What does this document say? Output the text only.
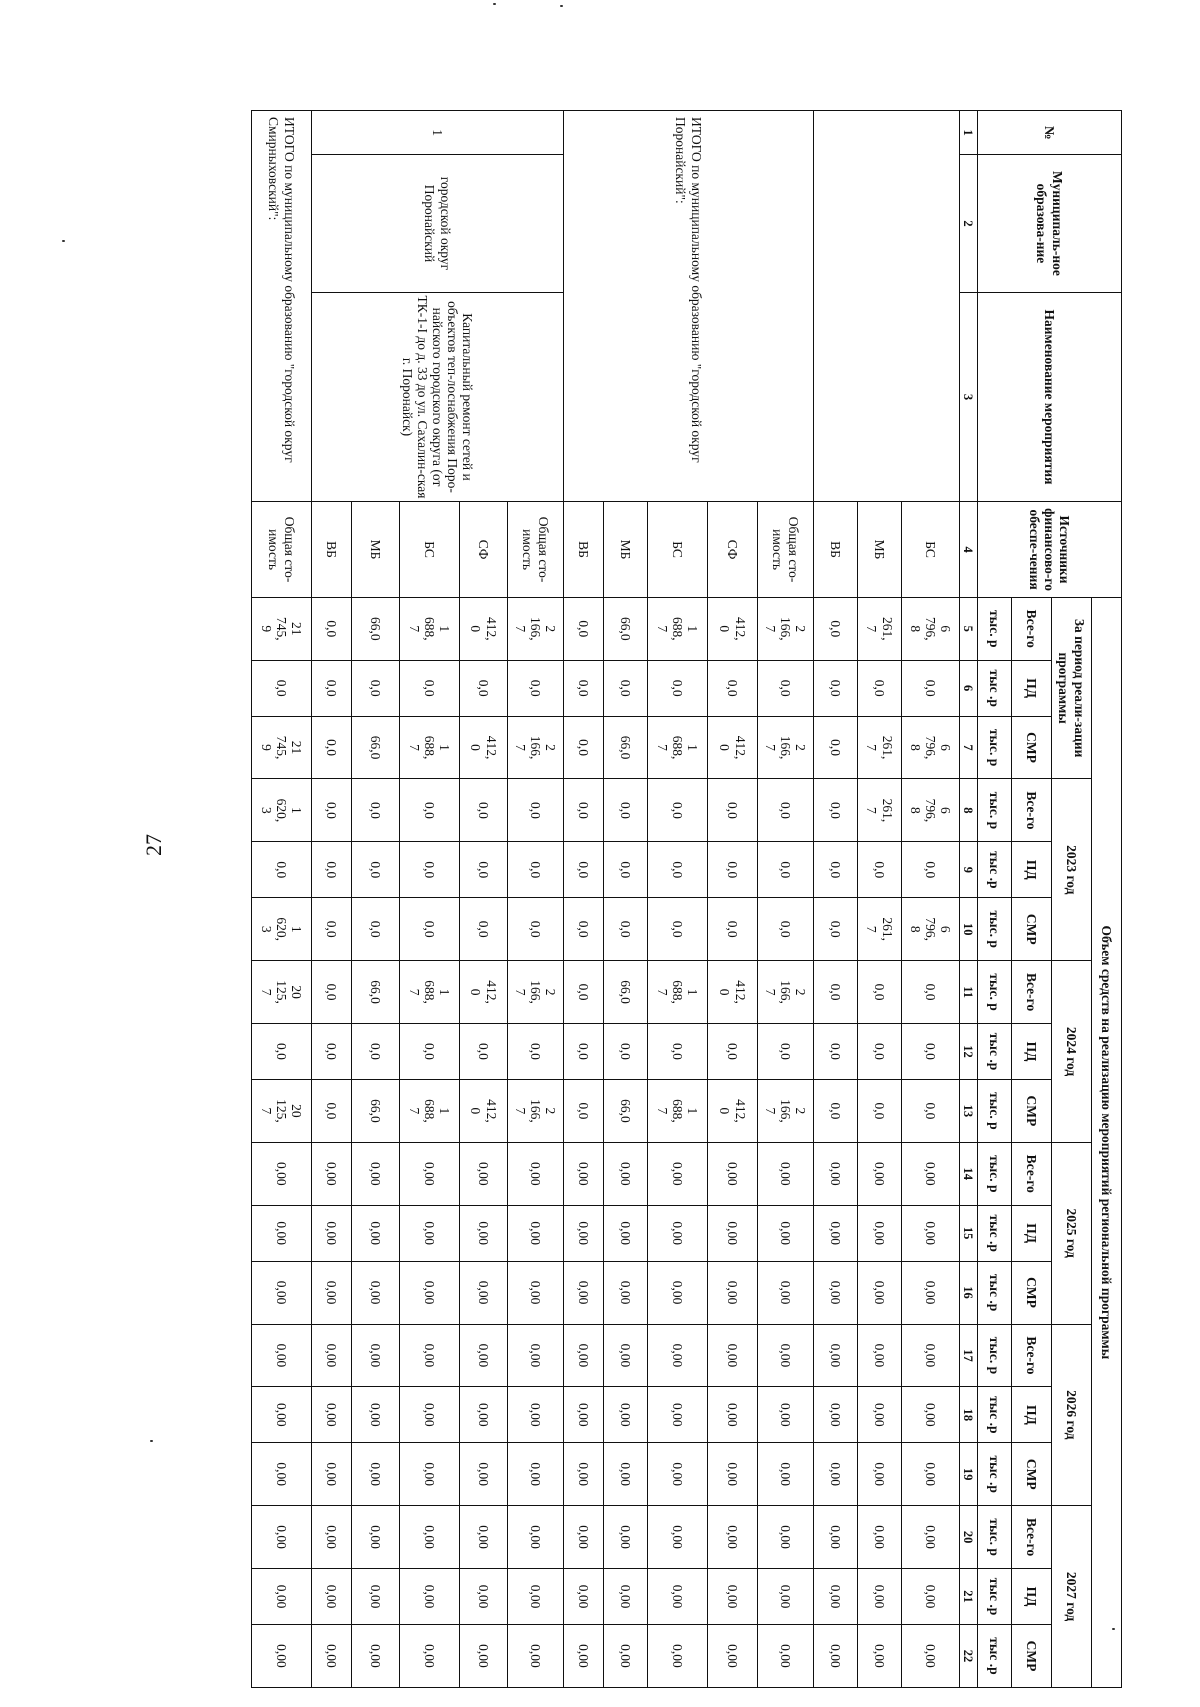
27
№	Муниципаль-ное образова-ние	Наименование мероприятия	Источники финансово-го обеспе-чения	Объем средств на реализацию мероприятий региональной программы																	
				За период реали-зации программы			2023 год			2024 год			2025 год			2026 год			2027 год		
				Все-го	ПД	СМР	Все-го	ПД	СМР	Все-го	ПД	СМР	Все-го	ПД	СМР	Все-го	ПД	СМР	Все-го	ПД	СМР
				тыс. р	тыс .р	тыс. р	тыс. р	тыс .р	тыс. р	тыс. р	тыс .р	тыс. р	тыс. р	тыс .р	тыс .р	тыс. р	тыс .р	тыс .р	тыс. р	тыс .р	тыс .р
1	2	3	4	5	6	7	8	9	10	11	12	13	14	15	16	17	18	19	20	21	22
			БС	6
796,
8	0,0	6
796,
8	6
796,
8	0,0	6
796,
8	0,0	0,0	0,0	0,00	0,00	0,00	0,00	0,00	0,00	0,00	0,00	0,00
			МБ	261,
7	0,0	261,
7	261,
7	0,0	261,
7	0,0	0,0	0,0	0,00	0,00	0,00	0,00	0,00	0,00	0,00	0,00	0,00
			ВБ	0,0	0,0	0,0	0,0	0,0	0,0	0,0	0,0	0,0	0,00	0,00	0,00	0,00	0,00	0,00	0,00	0,00	0,00
ИТОГО по муниципальному образованию "городской округ Поронайский":			Общая сто-имость	2
166,
7	0,0	2
166,
7	0,0	0,0	0,0	2
166,
7	0,0	2
166,
7	0,00	0,00	0,00	0,00	0,00	0,00	0,00	0,00	0,00
			СФ	412,
0	0,0	412,
0	0,0	0,0	0,0	412,
0	0,0	412,
0	0,00	0,00	0,00	0,00	0,00	0,00	0,00	0,00	0,00
			БС	1
688,
7	0,0	1
688,
7	0,0	0,0	0,0	1
688,
7	0,0	1
688,
7	0,00	0,00	0,00	0,00	0,00	0,00	0,00	0,00	0,00
			МБ	66,0	0,0	66,0	0,0	0,0	0,0	66,0	0,0	66,0	0,00	0,00	0,00	0,00	0,00	0,00	0,00	0,00	0,00
			ВБ	0,0	0,0	0,0	0,0	0,0	0,0	0,0	0,0	0,0	0,00	0,00	0,00	0,00	0,00	0,00	0,00	0,00	0,00
1	городской округ Поронайский	Капитальный ремонт сетей и объектов теп-лоснабжения Поро-найского городского округа (от ТК-1-I до д. 33 до ул. Сахалин-ская г. Поронайск)	Общая сто-имость	2
166,
7	0,0	2
166,
7	0,0	0,0	0,0	2
166,
7	0,0	2
166,
7	0,00	0,00	0,00	0,00	0,00	0,00	0,00	0,00	0,00
			СФ	412,
0	0,0	412,
0	0,0	0,0	0,0	412,
0	0,0	412,
0	0,00	0,00	0,00	0,00	0,00	0,00	0,00	0,00	0,00
			БС	1
688,
7	0,0	1
688,
7	0,0	0,0	0,0	1
688,
7	0,0	1
688,
7	0,00	0,00	0,00	0,00	0,00	0,00	0,00	0,00	0,00
			МБ	66,0	0,0	66,0	0,0	0,0	0,0	66,0	0,0	66,0	0,00	0,00	0,00	0,00	0,00	0,00	0,00	0,00	0,00
			ВБ	0,0	0,0	0,0	0,0	0,0	0,0	0,0	0,0	0,0	0,00	0,00	0,00	0,00	0,00	0,00	0,00	0,00	0,00
ИТОГО по муниципальному образованию "городской округ Смирныховский":			Общая сто-имость	21
745,
9	0,0	21
745,
9	1
620,
3	0,0	1
620,
3	20
125,
7	0,0	20
125,
7	0,00	0,00	0,00	0,00	0,00	0,00	0,00	0,00	0,00
